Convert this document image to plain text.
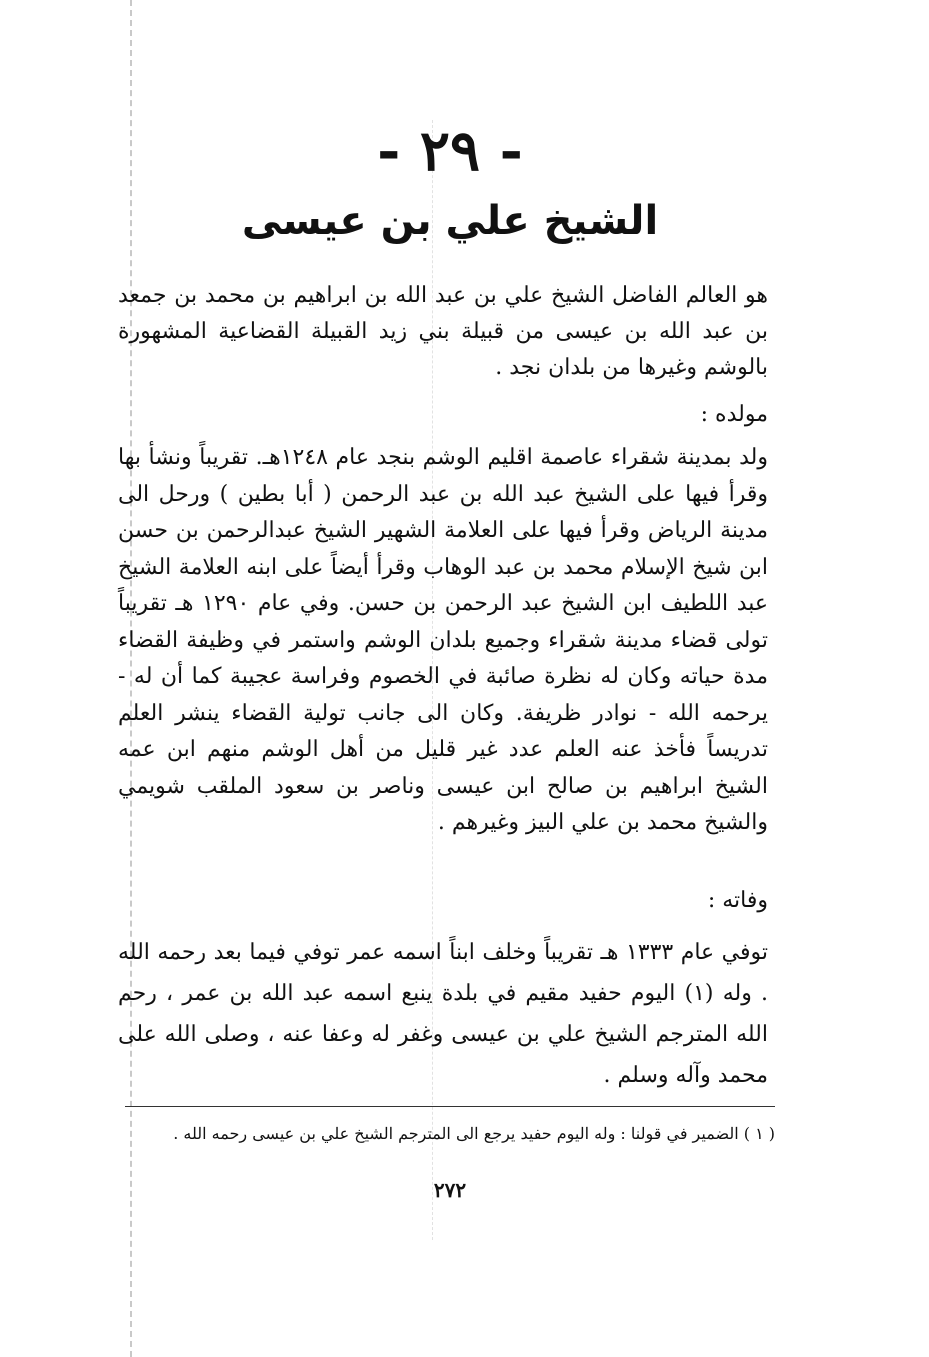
- ٢٩ -
الشيخ علي بن عيسى
هو العالم الفاضل الشيخ علي بن عبد الله بن ابراهيم بن محمد بن جمعد بن عبد الله بن عيسى من قبيلة بني زيد القبيلة القضاعية المشهورة بالوشم وغيرها من بلدان نجد .
مولده :
ولد بمدينة شقراء عاصمة اقليم الوشم بنجد عام ١٢٤٨هـ. تقريباً ونشأ بها وقرأ فيها على الشيخ عبد الله بن عبد الرحمن ( أبا بطين ) ورحل الى مدينة الرياض وقرأ فيها على العلامة الشهير الشيخ عبدالرحمن بن حسن ابن شيخ الإسلام محمد بن عبد الوهاب وقرأ أيضاً على ابنه العلامة الشيخ عبد اللطيف ابن الشيخ عبد الرحمن بن حسن. وفي عام ١٢٩٠ هـ تقريباً تولى قضاء مدينة شقراء وجميع بلدان الوشم واستمر في وظيفة القضاء مدة حياته وكان له نظرة صائبة في الخصوم وفراسة عجيبة كما أن له - يرحمه الله - نوادر ظريفة. وكان الى جانب تولية القضاء ينشر العلم تدريساً فأخذ عنه العلم عدد غير قليل من أهل الوشم منهم ابن عمه الشيخ ابراهيم بن صالح ابن عيسى وناصر بن سعود الملقب شويمي والشيخ محمد بن علي البيز وغيرهم .
وفاته :
توفي عام ١٣٣٣ هـ تقريباً وخلف ابناً اسمه عمر توفي فيما بعد رحمه الله . وله (١) اليوم حفيد مقيم في بلدة ينبع اسمه عبد الله بن عمر ، رحم الله المترجم الشيخ علي بن عيسى وغفر له وعفا عنه ، وصلى الله على محمد وآله وسلم .
( ١ ) الضمير في قولنا : وله اليوم حفيد يرجع الى المترجم الشيخ علي بن عيسى رحمه الله .
٢٧٢
